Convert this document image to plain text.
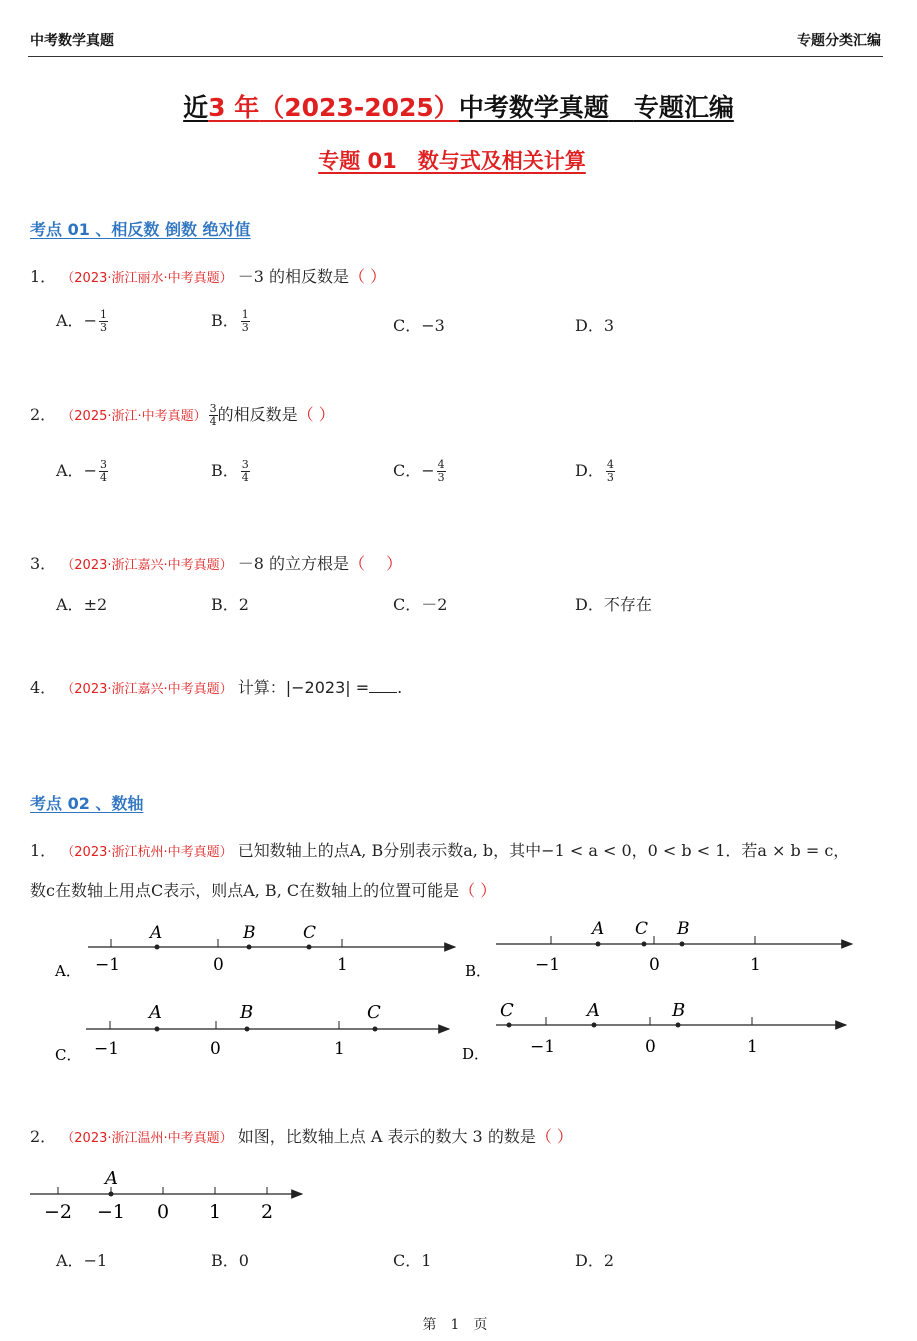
中考数学真题	专题分类汇编
近3 年（2023-2025）中考数学真题　 专题汇编
专题 01　数与式及相关计算
考点 01 、相反数 倒数 绝对值
1． （2023·浙江丽水·中考真题） －3 的相反数是（ ）
A．− $\frac{1}{3}$	B． $\frac{1}{3}$	C．−3	D．3
2． （2025·浙江·中考真题） $\frac{3}{4}$ 的相反数是（ ）
A．− $\frac{3}{4}$	B． $\frac{3}{4}$	C．− $\frac{4}{3}$	D． $\frac{4}{3}$
3． （2023·浙江嘉兴·中考真题） －8 的立方根是（　 ）
A．±2	B．2	C．－2	D．不存在
4． （2023·浙江嘉兴·中考真题） 计算：|−2023| = .
考点 02 、数轴
1． （2023·浙江杭州·中考真题） 已知数轴上的点A, B分别表示数a, b，其中−1 < a < 0，0 < b < 1．若a × b = c，
数c在数轴上用点C表示，则点A, B, C在数轴上的位置可能是（ ）
A． −1	0	1
A	B	C
B．	−1	0	1
A	B
C
C． −1	0	1
A	B	C
D． −1	0	1
A	B
C
2． （2023·浙江温州·中考真题） 如图，比数轴上点 A 表示的数大 3 的数是（ ）
A
−2 −1 0 1 2
A．−1	B．0	C．1	D．2
第　1　页
